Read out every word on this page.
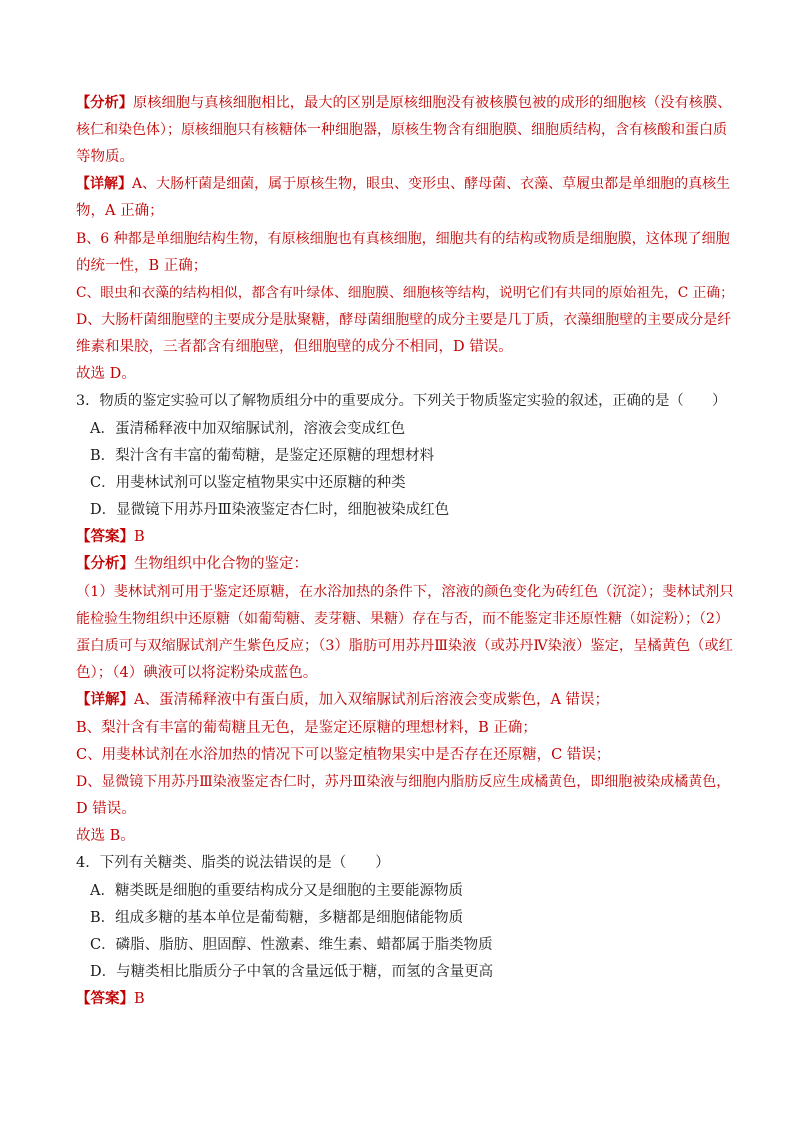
【分析】原核细胞与真核细胞相比，最大的区别是原核细胞没有被核膜包被的成形的细胞核（没有核膜、
核仁和染色体）；原核细胞只有核糖体一种细胞器，原核生物含有细胞膜、细胞质结构，含有核酸和蛋白质
等物质。
【详解】A、大肠杆菌是细菌，属于原核生物，眼虫、变形虫、酵母菌、衣藻、草履虫都是单细胞的真核生
物，A 正确；
B、6 种都是单细胞结构生物，有原核细胞也有真核细胞，细胞共有的结构或物质是细胞膜，这体现了细胞
的统一性，B 正确；
C、眼虫和衣藻的结构相似，都含有叶绿体、细胞膜、细胞核等结构，说明它们有共同的原始祖先，C 正确；
D、大肠杆菌细胞壁的主要成分是肽聚糖，酵母菌细胞壁的成分主要是几丁质，衣藻细胞壁的主要成分是纤
维素和果胶，三者都含有细胞壁，但细胞壁的成分不相同，D 错误。
故选 D。
3．物质的鉴定实验可以了解物质组分中的重要成分。下列关于物质鉴定实验的叙述，正确的是（　　）
A．蛋清稀释液中加双缩脲试剂，溶液会变成红色
B．梨汁含有丰富的葡萄糖，是鉴定还原糖的理想材料
C．用斐林试剂可以鉴定植物果实中还原糖的种类
D．显微镜下用苏丹Ⅲ染液鉴定杏仁时，细胞被染成红色
【答案】B
【分析】生物组织中化合物的鉴定：
（1）斐林试剂可用于鉴定还原糖，在水浴加热的条件下，溶液的颜色变化为砖红色（沉淀）；斐林试剂只
能检验生物组织中还原糖（如葡萄糖、麦芽糖、果糖）存在与否，而不能鉴定非还原性糖（如淀粉）；（2）
蛋白质可与双缩脲试剂产生紫色反应；（3）脂肪可用苏丹Ⅲ染液（或苏丹Ⅳ染液）鉴定，呈橘黄色（或红
色）；（4）碘液可以将淀粉染成蓝色。
【详解】A、蛋清稀释液中有蛋白质，加入双缩脲试剂后溶液会变成紫色，A 错误；
B、梨汁含有丰富的葡萄糖且无色，是鉴定还原糖的理想材料，B 正确；
C、用斐林试剂在水浴加热的情况下可以鉴定植物果实中是否存在还原糖，C 错误；
D、显微镜下用苏丹Ⅲ染液鉴定杏仁时，苏丹Ⅲ染液与细胞内脂肪反应生成橘黄色，即细胞被染成橘黄色，
D 错误。
故选 B。
4．下列有关糖类、脂类的说法错误的是（　　）
A．糖类既是细胞的重要结构成分又是细胞的主要能源物质
B．组成多糖的基本单位是葡萄糖，多糖都是细胞储能物质
C．磷脂、脂肪、胆固醇、性激素、维生素、蜡都属于脂类物质
D．与糖类相比脂质分子中氧的含量远低于糖，而氢的含量更高
【答案】B
